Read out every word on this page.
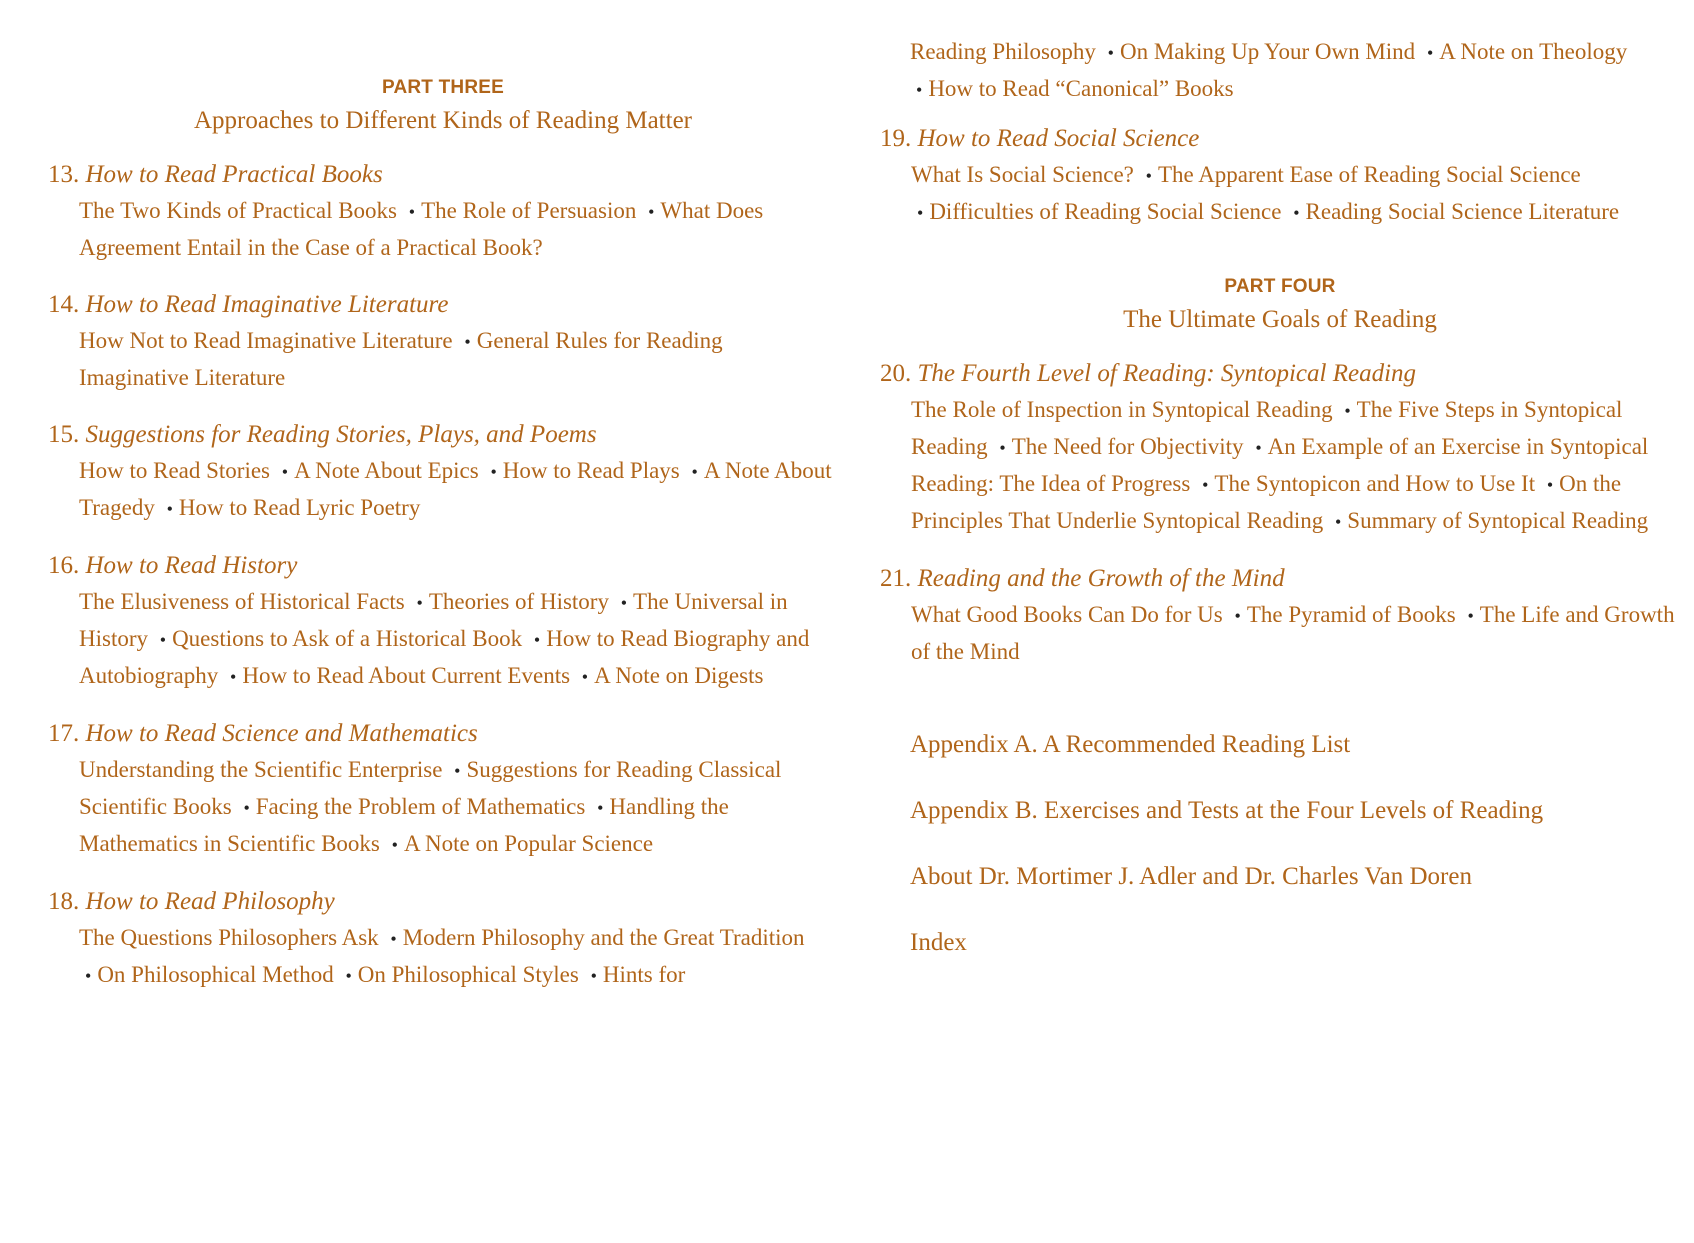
PART THREE

Approaches to Different Kinds of Reading Matter

13. How to Read Practical Books

The Two Kinds of Practical Books • The Role of Persuasion • What Does Agreement Entail in the Case of a Practical Book?

14. How to Read Imaginative Literature

How Not to Read Imaginative Literature • General Rules for Reading Imaginative Literature

15. Suggestions for Reading Stories, Plays, and Poems

How to Read Stories • A Note About Epics • How to Read Plays • A Note About Tragedy • How to Read Lyric Poetry

16. How to Read History

The Elusiveness of Historical Facts • Theories of History • The Universal in History • Questions to Ask of a Historical Book • How to Read Biography and Autobiography • How to Read About Current Events • A Note on Digests

17. How to Read Science and Mathematics

Understanding the Scientific Enterprise • Suggestions for Reading Classical Scientific Books • Facing the Problem of Mathematics • Handling the Mathematics in Scientific Books • A Note on Popular Science

18. How to Read Philosophy

The Questions Philosophers Ask • Modern Philosophy and the Great Tradition • On Philosophical Method • On Philosophical Styles • Hints for
Reading Philosophy • On Making Up Your Own Mind • A Note on Theology • How to Read “Canonical” Books

19. How to Read Social Science

What Is Social Science? • The Apparent Ease of Reading Social Science • Difficulties of Reading Social Science • Reading Social Science Literature

PART FOUR

The Ultimate Goals of Reading

20. The Fourth Level of Reading: Syntopical Reading

The Role of Inspection in Syntopical Reading • The Five Steps in Syntopical Reading • The Need for Objectivity • An Example of an Exercise in Syntopical Reading: The Idea of Progress • The Syntopicon and How to Use It • On the Principles That Underlie Syntopical Reading • Summary of Syntopical Reading

21. Reading and the Growth of the Mind

What Good Books Can Do for Us • The Pyramid of Books • The Life and Growth of the Mind

Appendix A. A Recommended Reading List

Appendix B. Exercises and Tests at the Four Levels of Reading

About Dr. Mortimer J. Adler and Dr. Charles Van Doren

Index
